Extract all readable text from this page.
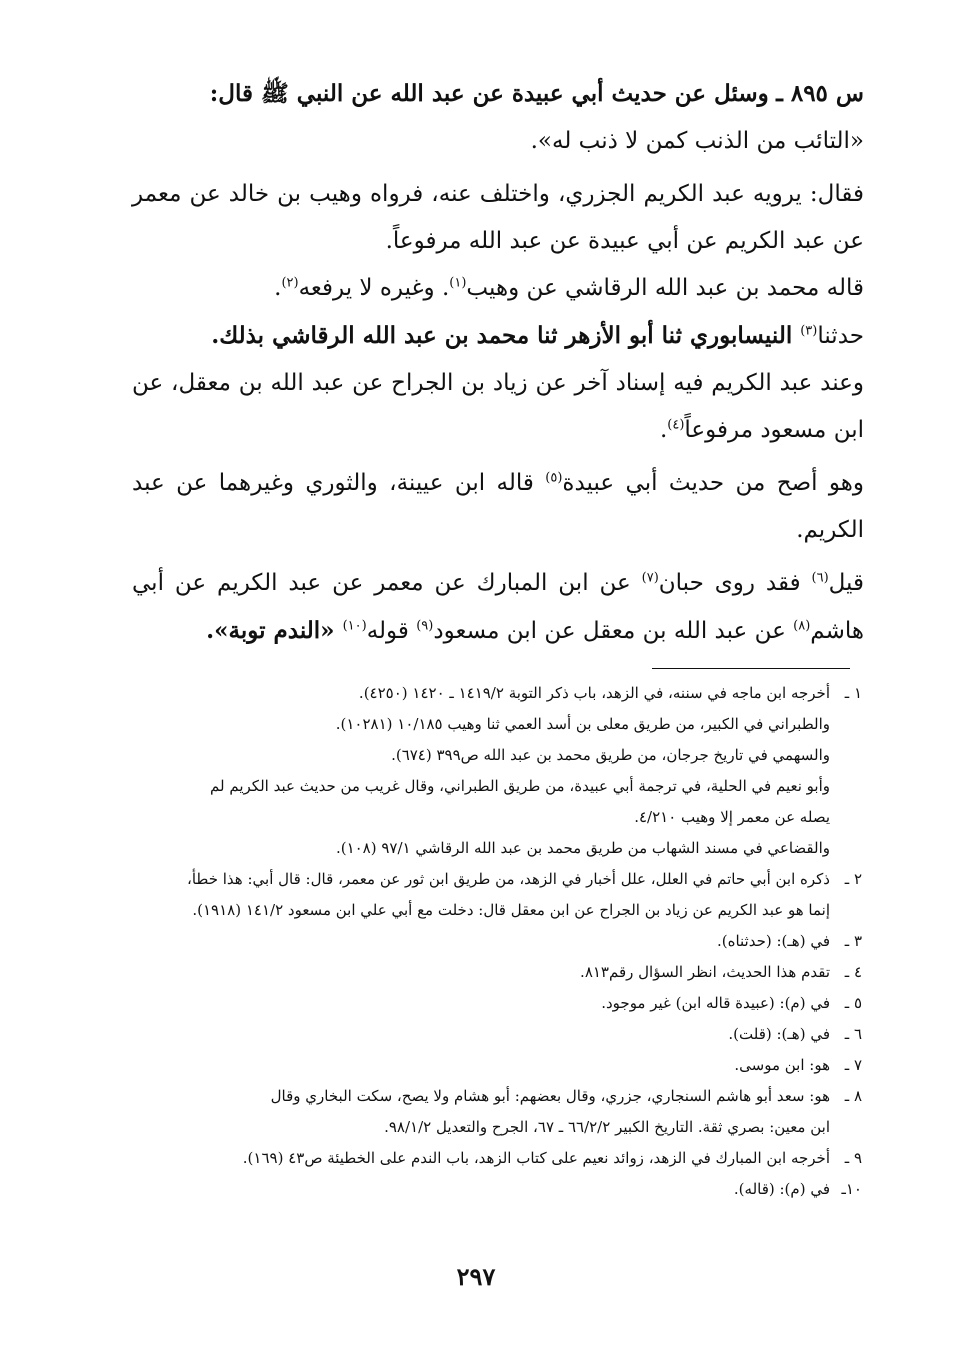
س ٨٩٥ ـ وسئل عن حديث أبي عبيدة عن عبد الله عن النبي ﷺ قال:

«التائب من الذنب كمن لا ذنب له».

فقال: يرويه عبد الكريم الجزري، واختلف عنه، فرواه وهيب بن خالد عن معمر عن عبد الكريم عن أبي عبيدة عن عبد الله مرفوعاً.

قاله محمد بن عبد الله الرقاشي عن وهيب$^{(١)}$. وغيره لا يرفعه$^{(٢)}$.

حدثنا$^{(٣)}$ النيسابوري ثنا أبو الأزهر ثنا محمد بن عبد الله الرقاشي بذلك.

وعند عبد الكريم فيه إسناد آخر عن زياد بن الجراح عن عبد الله بن معقل، عن ابن مسعود مرفوعاً$^{(٤)}$.

وهو أصح من حديث أبي عبيدة$^{(٥)}$ قاله ابن عيينة، والثوري وغيرهما عن عبد الكريم.

قيل$^{(٦)}$ فقد روى حبان$^{(٧)}$ عن ابن المبارك عن معمر عن عبد الكريم عن أبي هاشم$^{(٨)}$ عن عبد الله بن معقل عن ابن مسعود$^{(٩)}$ قوله$^{(١٠)}$ «الندم توبة».

١ ـ
أخرجه ابن ماجه في سننه، في الزهد، باب ذكر التوبة ١٤١٩/٢ ـ ١٤٢٠ (٤٢٥٠).
والطبراني في الكبير، من طريق معلى بن أسد العمي ثنا وهيب ١٠/١٨٥ (١٠٢٨١).
والسهمي في تاريخ جرجان، من طريق محمد بن عبد الله ص٣٩٩ (٦٧٤).
وأبو نعيم في الحلية، في ترجمة أبي عبيدة، من طريق الطبراني، وقال غريب من حديث عبد الكريم لم
يصله عن معمر إلا وهيب ٤/٢١٠.
والقضاعي في مسند الشهاب من طريق محمد بن عبد الله الرقاشي ٩٧/١ (١٠٨).
٢ ـ
ذكره ابن أبي حاتم في العلل، علل أخبار في الزهد، من طريق ابن ثور عن معمر، قال: قال أبي: هذا خطأ،
إنما هو عبد الكريم عن زياد بن الجراح عن ابن معقل قال: دخلت مع أبي علي ابن مسعود ١٤١/٢ (١٩١٨).
٣ ـ
في (هـ): (حدثناه).
٤ ـ
تقدم هذا الحديث، انظر السؤال رقم٨١٣.
٥ ـ
في (م): (عبيدة قاله ابن) غير موجود.
٦ ـ
في (هـ): (قلت).
٧ ـ
هو: ابن موسى.
٨ ـ
هو: سعد أبو هاشم السنجاري، جزري، وقال بعضهم: أبو هشام ولا يصح، سكت البخاري وقال
ابن معين: بصري ثقة. التاريخ الكبير ٦٦/٢/٢ ـ ٦٧، الجرح والتعديل ٩٨/١/٢.
٩ ـ
أخرجه ابن المبارك في الزهد، زوائد نعيم على كتاب الزهد، باب الندم على الخطيئة ص٤٣ (١٦٩).
١٠ـ
في (م): (قاله).
٢٩٧
